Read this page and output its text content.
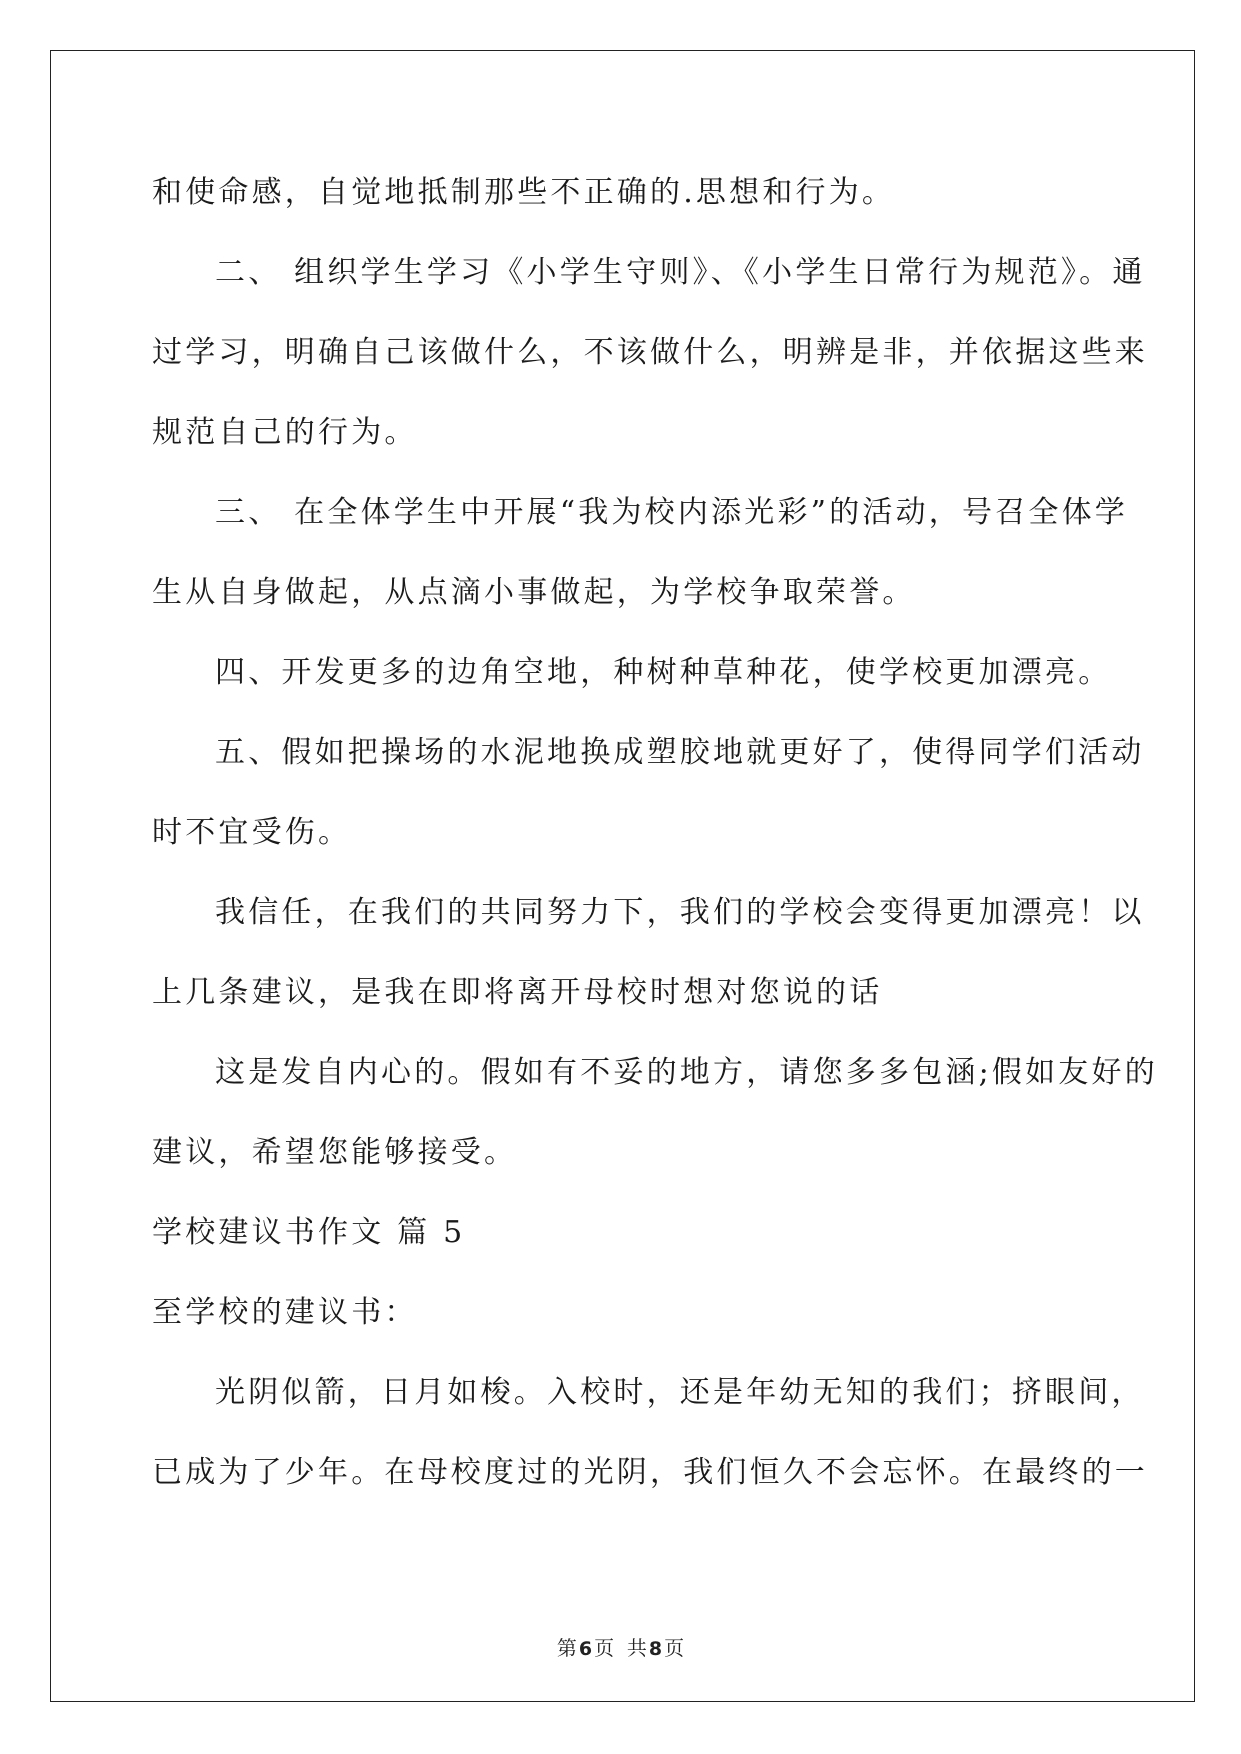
和使命感，自觉地抵制那些不正确的.思想和行为。
二、 组织学生学习《小学生守则》、《小学生日常行为规范》。通
过学习，明确自己该做什么，不该做什么，明辨是非，并依据这些来
规范自己的行为。
三、 在全体学生中开展“我为校内添光彩”的活动，号召全体学
生从自身做起，从点滴小事做起，为学校争取荣誉。
四、开发更多的边角空地，种树种草种花，使学校更加漂亮。
五、假如把操场的水泥地换成塑胶地就更好了，使得同学们活动
时不宜受伤。
我信任，在我们的共同努力下，我们的学校会变得更加漂亮！以
上几条建议，是我在即将离开母校时想对您说的话
这是发自内心的。假如有不妥的地方，请您多多包涵;假如友好的
建议，希望您能够接受。
学校建议书作文 篇 5
至学校的建议书：
光阴似箭，日月如梭。入校时，还是年幼无知的我们；挤眼间，
已成为了少年。在母校度过的光阴，我们恒久不会忘怀。在最终的一
第 6 页  共 8 页
